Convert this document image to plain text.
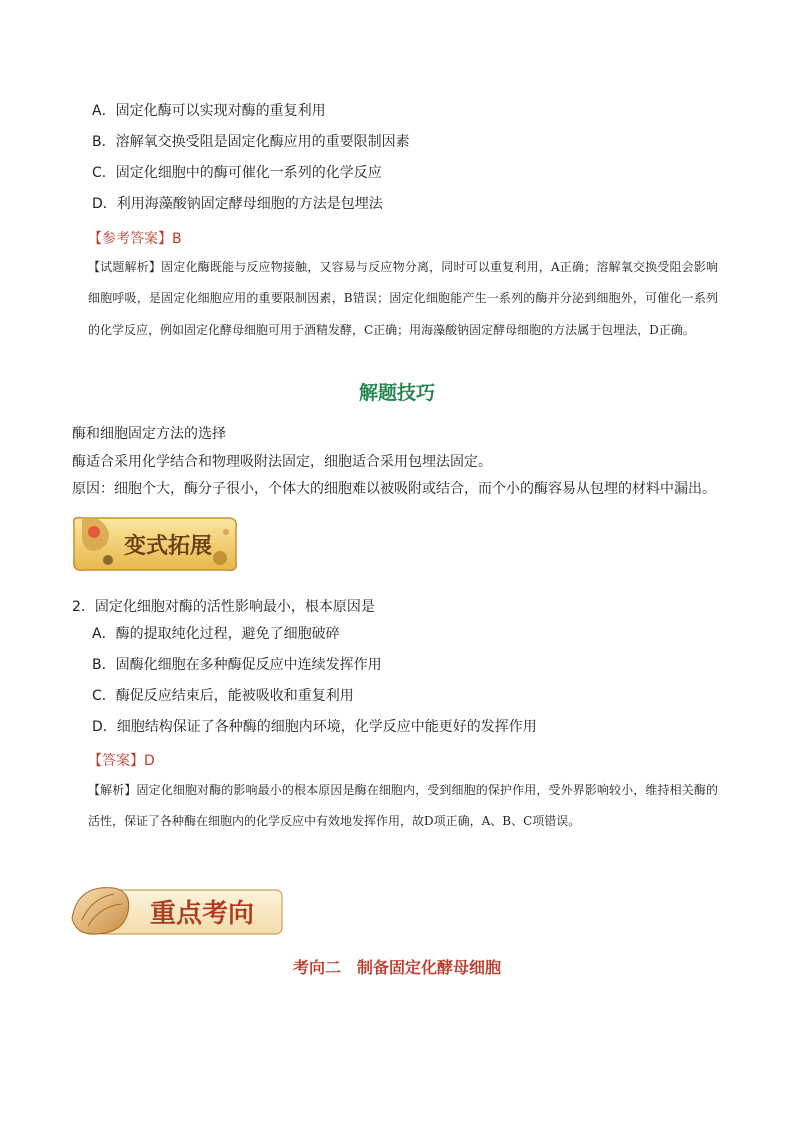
A．固定化酶可以实现对酶的重复利用
B．溶解氧交换受阻是固定化酶应用的重要限制因素
C．固定化细胞中的酶可催化一系列的化学反应
D．利用海藻酸钠固定酵母细胞的方法是包埋法
【参考答案】B
【试题解析】固定化酶既能与反应物接触，又容易与反应物分离，同时可以重复利用，A正确；溶解氧交换受阻会影响细胞呼吸，是固定化细胞应用的重要限制因素，B错误；固定化细胞能产生一系列的酶并分泌到细胞外，可催化一系列的化学反应，例如固定化酵母细胞可用于酒精发酵，C正确；用海藻酸钠固定酵母细胞的方法属于包埋法，D正确。
解题技巧
酶和细胞固定方法的选择
酶适合采用化学结合和物理吸附法固定，细胞适合采用包埋法固定。
原因：细胞个大，酶分子很小，个体大的细胞难以被吸附或结合，而个小的酶容易从包埋的材料中漏出。
变式拓展
2．固定化细胞对酶的活性影响最小，根本原因是
A．酶的提取纯化过程，避免了细胞破碎
B．固酶化细胞在多种酶促反应中连续发挥作用
C．酶促反应结束后，能被吸收和重复利用
D．细胞结构保证了各种酶的细胞内环境，化学反应中能更好的发挥作用
【答案】D
【解析】固定化细胞对酶的影响最小的根本原因是酶在细胞内，受到细胞的保护作用，受外界影响较小，维持相关酶的活性，保证了各种酶在细胞内的化学反应中有效地发挥作用，故D项正确，A、B、C项错误。
重点考向
考向二　制备固定化酵母细胞
